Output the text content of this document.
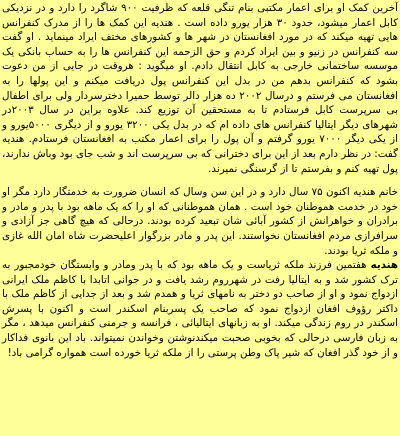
آخرین کمک او برای اعمار مکتبی بنام تنگی قلعه که ظرفیت ۹۰۰ شاگرد را دارد و در نزدیکی کابل اعمار میشود، حدود ۳۰ هزار یورو داده است . هندیه این کمک ها را از مدرک کنفرانس هایی تهیه میکند که در مورد افغانستان در شهر ها و کشورهای مختف ایراد مینماید . او گفت سه کنفرانس در زنیو و بین ایراد کردم و حق الزحمه این کنفرانس ها را به حساب بانکی یک موسسه ساختمانی خارجی به کابل انتقال دادم. او میگوید : هروقت در جایی از من دعوت بشود که کنفرانس بدهم من در بدل این کنفرانس پول دریافت میکنم و این پولها را به افغانستان می فرستم و درسال ۲۰۰۲ ده هزار دالر توسط حمیرا دخترسردار ولی برای اطفال بی سرپرست کابل فرستادم تا به مستحقین آن توزیع کند. علاوه براین در سال ۲۰۰۳در شهرهای دیگر ایتالیا کنفرانس های داده ام که در بدل یکی ۳۲۰۰ یورو و از دیگری ۵۰۰۰یورو و از یکی دیگر ۷۰۰۰ یورو گرفتم و آن پول را برای اعمار مکتب به افغانستان فرستادم. هندیه گفت: در نظر دارم بعد از این برای دخترانی که بی سرپرست اند و شب جای بود وباش ندارند، پول تهیه کنم و بفرستم تا از گرسنگی نمیرند.

خانم هندیه اکنون ۷۵ سال دارد و در این سن وسال که انسان ضرورت به خدمتگار دارد مگر او خود در خدمت هموطنان خود است . همان هموطنانی که او را که یک ماهه بود با پدر و مادر و برادران و خواهرانش از کشور آبائی شان تبعید کرده بودند. درحالی که هیچ گاهی جز آزادی و سرافرازی مردم افغانستان نخواستند. این پدر و مادر بزرگوار اعلیحضرت شاه امان الله غازی و ملکه ثریا بودند.
هندیه هفتمین فرزند ملکه ثریاست و یک ماهه بود که با پدر ومادر و وابستگان خودمجبور به ترک کشور شد و به ایتالیا رفت در شهرروم رشد یافت و در جوانی اتابدا با کاظم ملک ایرانی ازدواج نمود و او از صاحب دو دختر به نامهای ثریا و همدم شد و بعد از جدایی از کاظم ملک با داکتر رؤوف افغان ازدواج نمود که صاحب یک پسربنام اسکندر است و اکنون با پسرش اسکندر در روم زندگی میکند. او به زبانهای ایتالیائی ، فرانسه و جرمنی کنفرانس میدهد ، مگر به زبان فارسی درحالی که بخوبی صحبت میکندنوشتن وخواندن نمیتواند. باد این بانوی فداکار و از خود گذر افغان که شیر پاک وطن پرستی را از ملکه ثریا خورده است همواره گرامی باد!
